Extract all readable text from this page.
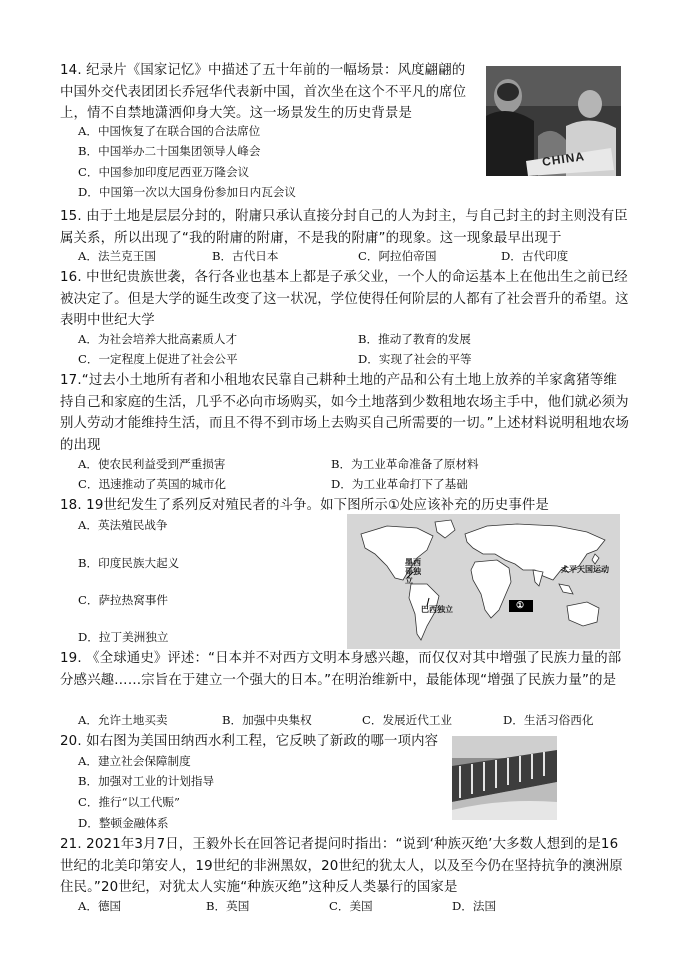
14. 纪录片《国家记忆》中描述了五十年前的一幅场景：风度翩翩的中国外交代表团团长乔冠华代表新中国，首次坐在这个不平凡的席位上，情不自禁地潇洒仰身大笑。这一场景发生的历史背景是

A．中国恢复了在联合国的合法席位
B．中国举办二十国集团领导人峰会
C．中国参加印度尼西亚万隆会议
D．中国第一次以大国身份参加日内瓦会议
CHINA

15. 由于土地是层层分封的，附庸只承认直接分封自己的人为封主，与自己封主的封主则没有臣属关系，所以出现了“我的附庸的附庸，不是我的附庸”的现象。这一现象最早出现于

A．法兰克王国	B．古代日本	C．阿拉伯帝国	D．古代印度

16. 中世纪贵族世袭，各行各业也基本上都是子承父业，一个人的命运基本上在他出生之前已经被决定了。但是大学的诞生改变了这一状况，学位使得任何阶层的人都有了社会晋升的希望。这表明中世纪大学

A．为社会培养大批高素质人才	B．推动了教育的发展
C．一定程度上促进了社会公平	D．实现了社会的平等

17.“过去小土地所有者和小租地农民靠自己耕种土地的产品和公有土地上放养的羊家禽猪等维持自己和家庭的生活，几乎不必向市场购买，如今土地落到少数租地农场主手中，他们就必须为别人劳动才能维持生活，而且不得不到市场上去购买自己所需要的一切。”上述材料说明租地农场的出现

A．使农民利益受到严重损害	B．为工业革命准备了原材料
C．迅速推动了英国的城市化	D．为工业革命打下了基础

18. 19世纪发生了系列反对殖民者的斗争。如下图所示①处应该补充的历史事件是

A．英法殖民战争
B．印度民族大起义
C．萨拉热窝事件
D．拉丁美洲独立
墨西哥独立
巴西独立
太平天国运动
①

19. 《全球通史》评述：“日本并不对西方文明本身感兴趣，而仅仅对其中增强了民族力量的部分感兴趣……宗旨在于建立一个强大的日本。”在明治维新中，最能体现“增强了民族力量”的是

A．允许土地买卖	B．加强中央集权	C．发展近代工业	D．生活习俗西化

20. 如右图为美国田纳西水利工程，它反映了新政的哪一项内容

A．建立社会保障制度
B．加强对工业的计划指导
C．推行“以工代赈”
D．整顿金融体系

21. 2021年3月7日，王毅外长在回答记者提问时指出：“说到‘种族灭绝’大多数人想到的是16世纪的北美印第安人，19世纪的非洲黑奴，20世纪的犹太人，以及至今仍在坚持抗争的澳洲原住民。”20世纪，对犹太人实施“种族灭绝”这种反人类暴行的国家是

A．德国	B．英国	C．美国	D．法国
